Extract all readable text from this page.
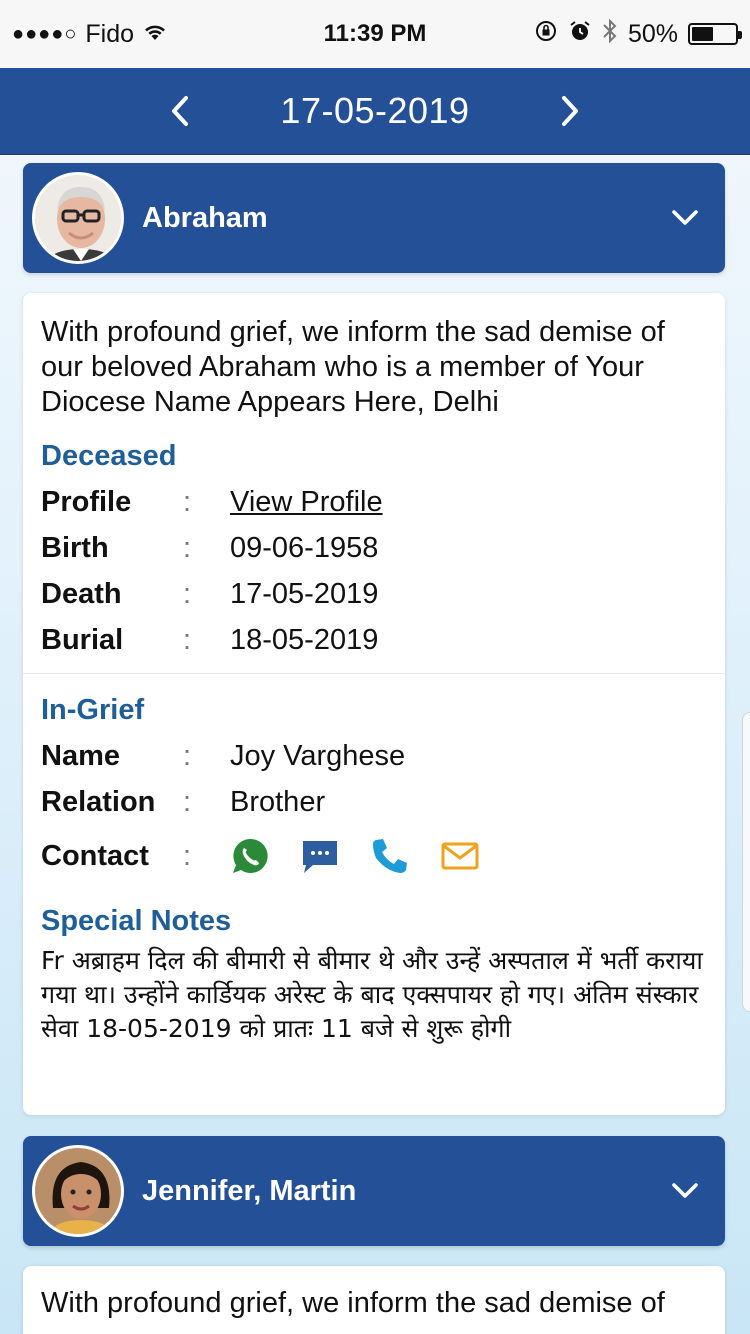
●●●●○ Fido	11:39 PM	50%
17-05-2019
Abraham
With profound grief, we inform the sad demise of our beloved Abraham who is a member of Your Diocese Name Appears Here, Delhi
Deceased
Profile	:	View Profile
Birth	:	09-06-1958
Death	:	17-05-2019
Burial	:	18-05-2019
In-Grief
Name	:	Joy Varghese
Relation :	Brother
Contact	:
Special Notes
Fr अब्राहम दिल की बीमारी से बीमार थे और उन्हें अस्पताल में भर्ती कराया गया था। उन्होंने कार्डियक अरेस्ट के बाद एक्सपायर हो गए। अंतिम संस्कार सेवा 18-05-2019 को प्रातः 11 बजे से शुरू होगी
Jennifer, Martin
With profound grief, we inform the sad demise of
